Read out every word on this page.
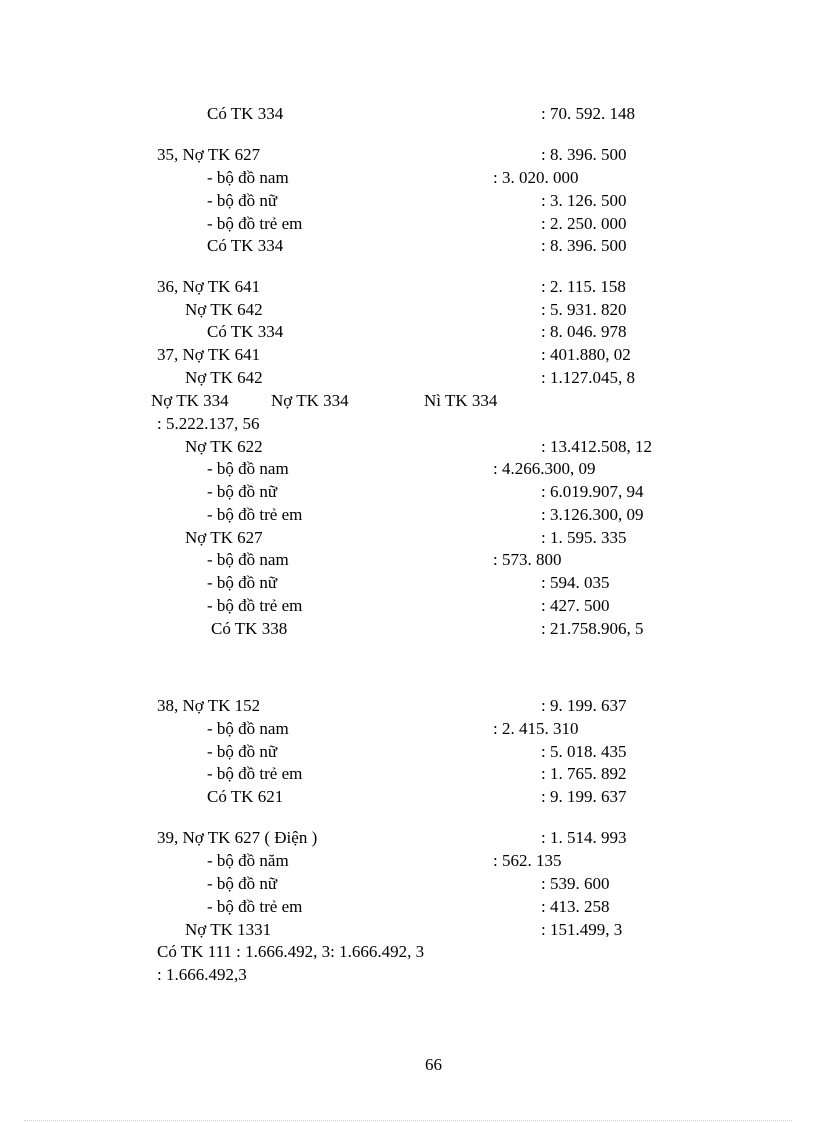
Có TK 334	: 70. 592. 148
35, Nợ TK 627	: 8. 396. 500
- bộ đồ nam	: 3. 020. 000
- bộ đồ nữ	: 3. 126. 500
- bộ đồ trẻ em	: 2. 250. 000
Có TK 334	: 8. 396. 500
36, Nợ TK 641	: 2. 115. 158
Nợ TK 642	: 5. 931. 820
Có TK 334	: 8. 046. 978
37, Nợ TK 641	: 401.880, 02
Nợ TK 642	: 1.127.045, 8
Nợ TK 334 Nợ TK 334	Nì TK 334
: 5.222.137, 56
Nợ TK 622	: 13.412.508, 12
- bộ đồ nam	: 4.266.300, 09
- bộ đồ nữ	: 6.019.907, 94
- bộ đồ trẻ em	: 3.126.300, 09
Nợ TK 627	: 1. 595. 335
- bộ đồ nam	: 573. 800
- bộ đồ nữ	: 594. 035
- bộ đồ trẻ em	: 427. 500
Có TK 338	: 21.758.906, 5
38, Nợ TK 152	: 9. 199. 637
- bộ đồ nam	: 2. 415. 310
- bộ đồ nữ	: 5. 018. 435
- bộ đồ trẻ em	: 1. 765. 892
Có TK 621	: 9. 199. 637
39, Nợ TK 627 ( Điện )	: 1. 514. 993
- bộ đồ năm	: 562. 135
- bộ đồ nữ	: 539. 600
- bộ đồ trẻ em	: 413. 258
Nợ TK 1331	: 151.499, 3
Có TK 111 : 1.666.492, 3: 1.666.492, 3
: 1.666.492,3
66
